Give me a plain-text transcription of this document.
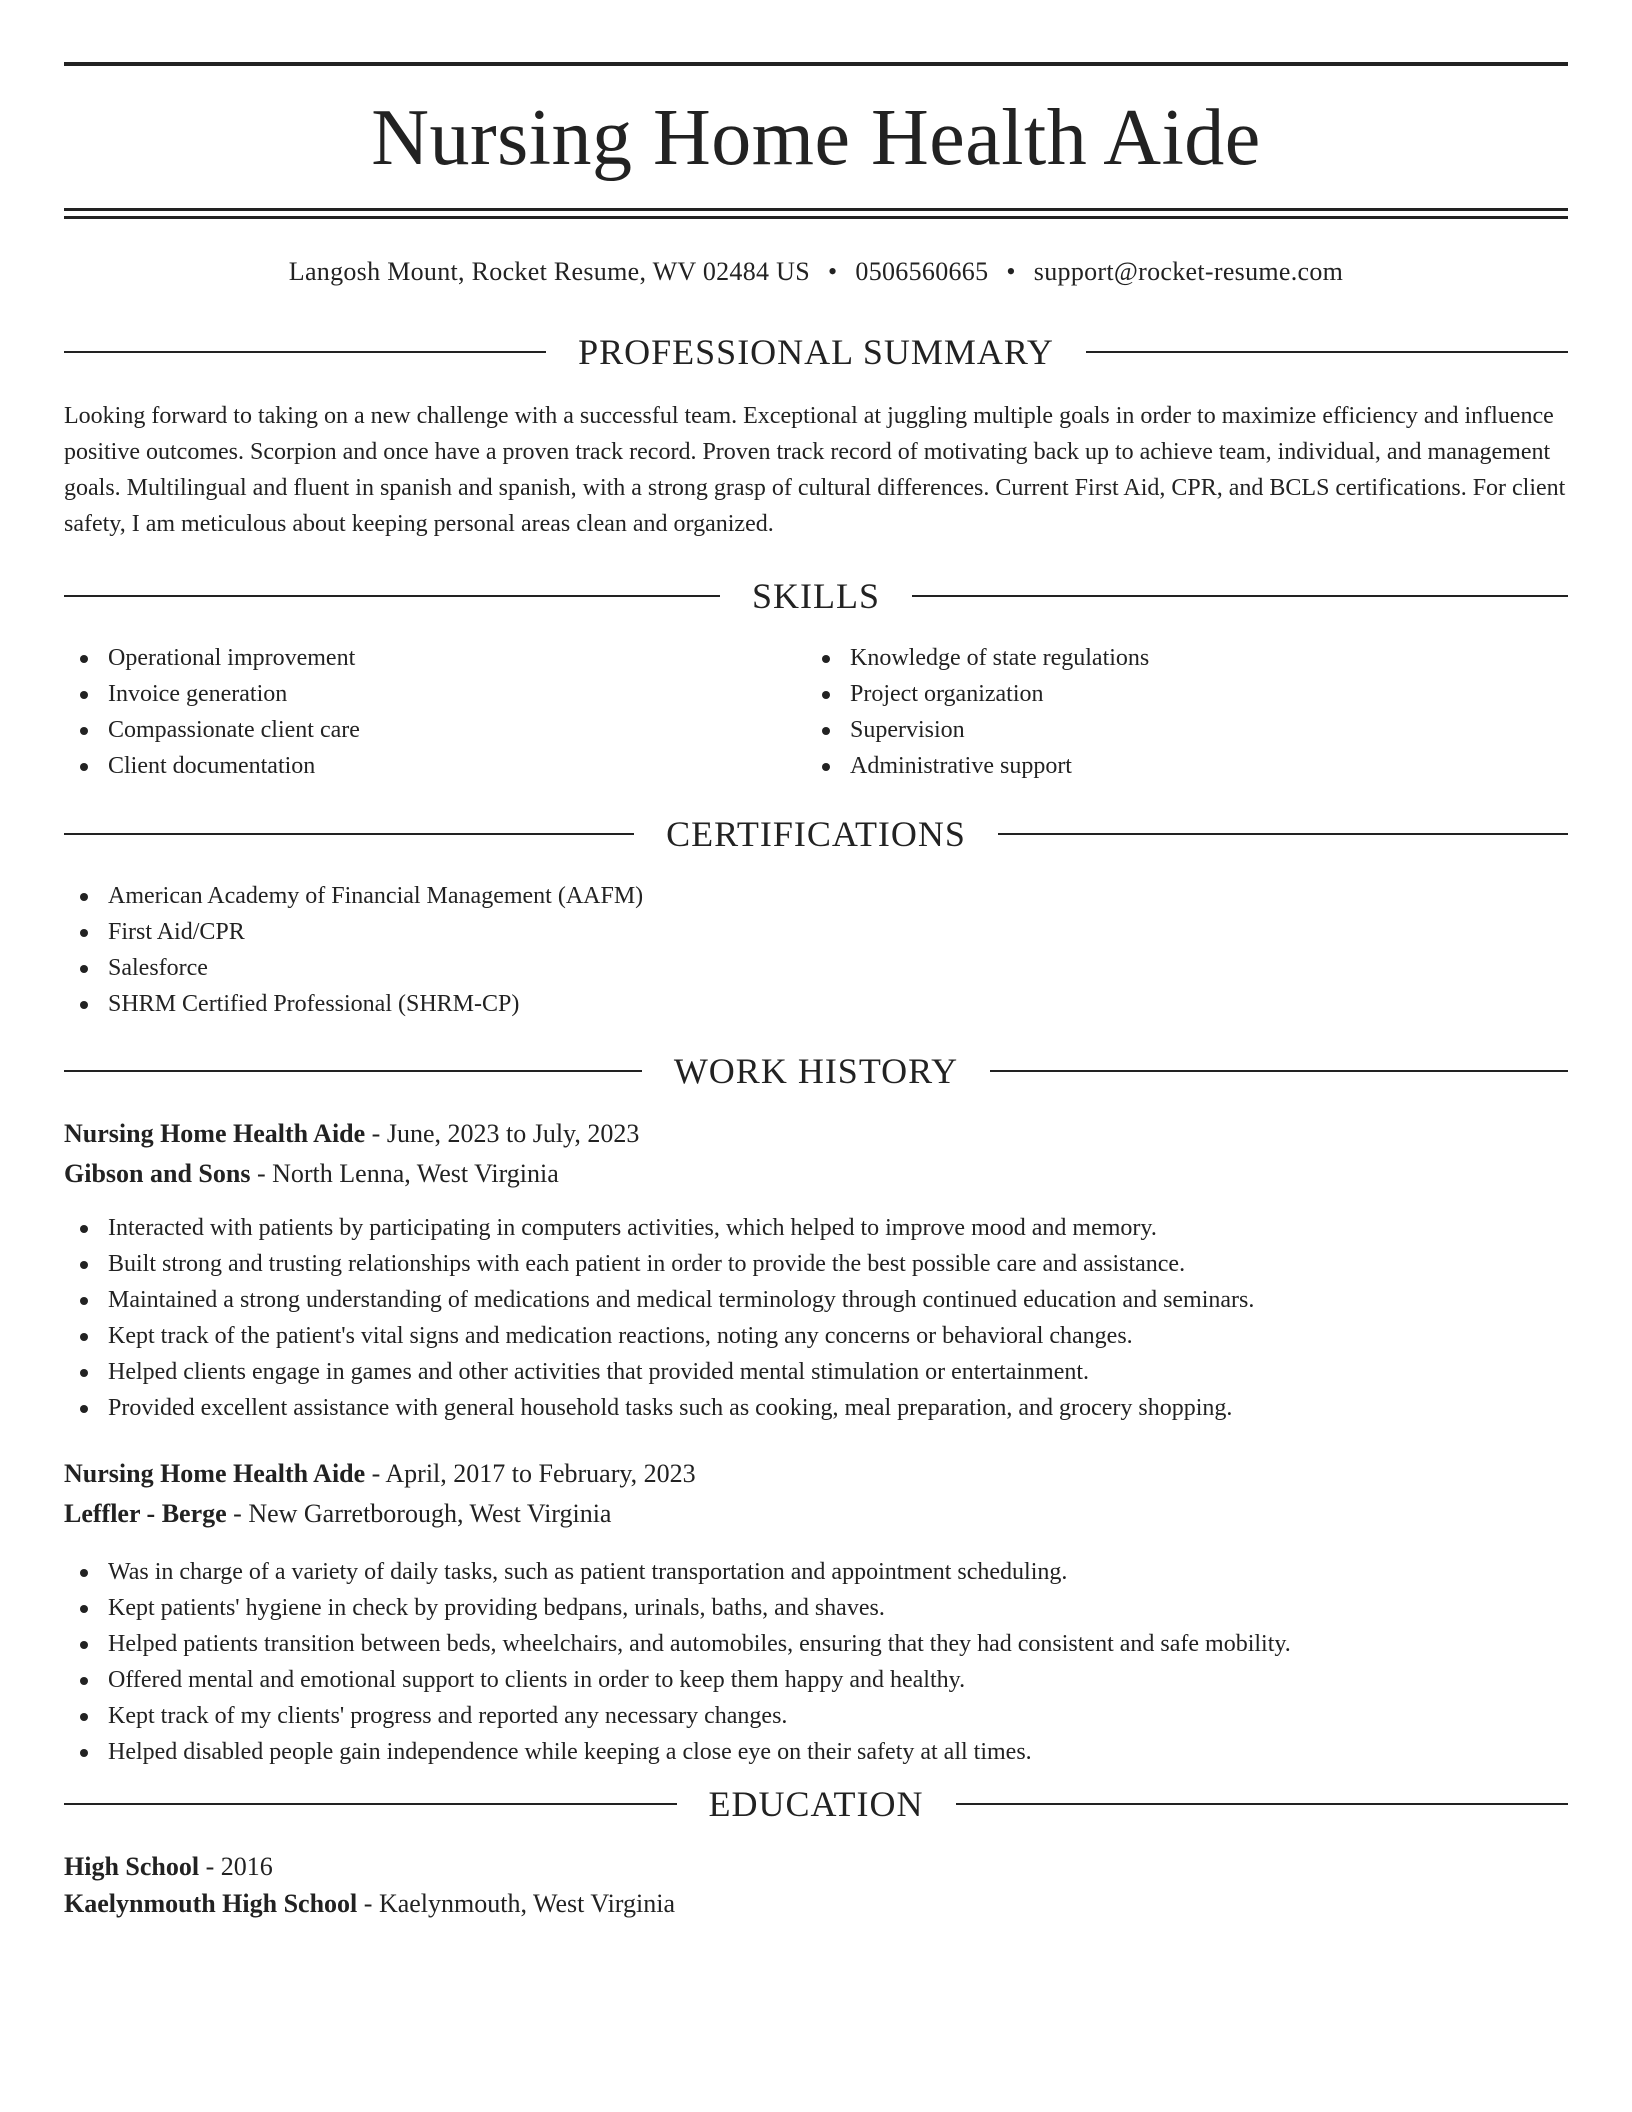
Nursing Home Health Aide
Langosh Mount, Rocket Resume, WV 02484 US • 0506560665 • support@rocket-resume.com
PROFESSIONAL SUMMARY

Looking forward to taking on a new challenge with a successful team. Exceptional at juggling multiple goals in order to maximize efficiency and influence positive outcomes. Scorpion and once have a proven track record. Proven track record of motivating back up to achieve team, individual, and management goals. Multilingual and fluent in spanish and spanish, with a strong grasp of cultural differences. Current First Aid, CPR, and BCLS certifications. For client safety, I am meticulous about keeping personal areas clean and organized.

SKILLS
Operational improvement
Invoice generation
Compassionate client care
Client documentation
Knowledge of state regulations
Project organization
Supervision
Administrative support
CERTIFICATIONS
American Academy of Financial Management (AAFM)
First Aid/CPR
Salesforce
SHRM Certified Professional (SHRM-CP)
WORK HISTORY
Nursing Home Health Aide - June, 2023 to July, 2023
Gibson and Sons - North Lenna, West Virginia
Interacted with patients by participating in computers activities, which helped to improve mood and memory.
Built strong and trusting relationships with each patient in order to provide the best possible care and assistance.
Maintained a strong understanding of medications and medical terminology through continued education and seminars.
Kept track of the patient's vital signs and medication reactions, noting any concerns or behavioral changes.
Helped clients engage in games and other activities that provided mental stimulation or entertainment.
Provided excellent assistance with general household tasks such as cooking, meal preparation, and grocery shopping.
Nursing Home Health Aide - April, 2017 to February, 2023
Leffler - Berge - New Garretborough, West Virginia
Was in charge of a variety of daily tasks, such as patient transportation and appointment scheduling.
Kept patients' hygiene in check by providing bedpans, urinals, baths, and shaves.
Helped patients transition between beds, wheelchairs, and automobiles, ensuring that they had consistent and safe mobility.
Offered mental and emotional support to clients in order to keep them happy and healthy.
Kept track of my clients' progress and reported any necessary changes.
Helped disabled people gain independence while keeping a close eye on their safety at all times.
EDUCATION
High School - 2016
Kaelynmouth High School - Kaelynmouth, West Virginia
